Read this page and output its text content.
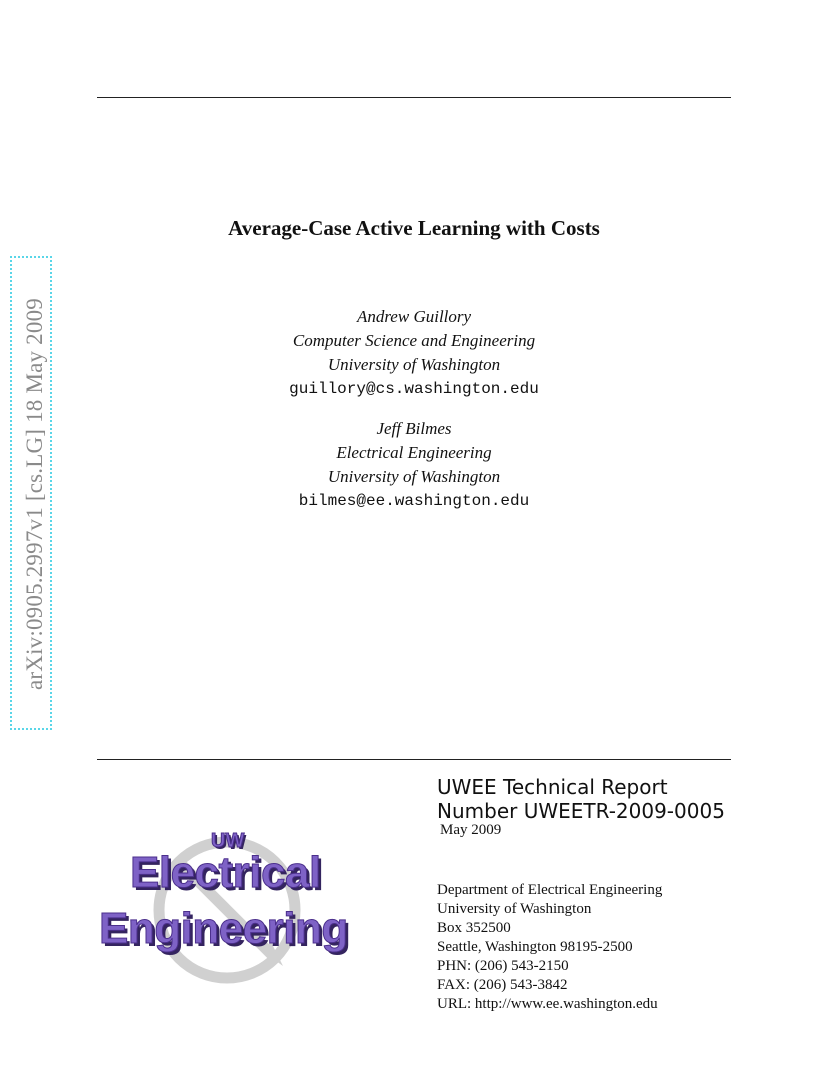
arXiv:0905.2997v1 [cs.LG] 18 May 2009
Average-Case Active Learning with Costs
Andrew Guillory
Computer Science and Engineering
University of Washington
guillory@cs.washington.edu
Jeff Bilmes
Electrical Engineering
University of Washington
bilmes@ee.washington.edu
UWEE Technical Report
Number UWEETR-2009-0005
May 2009
UW
Electrical
Engineering
Department of Electrical Engineering
University of Washington
Box 352500
Seattle, Washington 98195-2500
PHN: (206) 543-2150
FAX: (206) 543-3842
URL: http://www.ee.washington.edu
